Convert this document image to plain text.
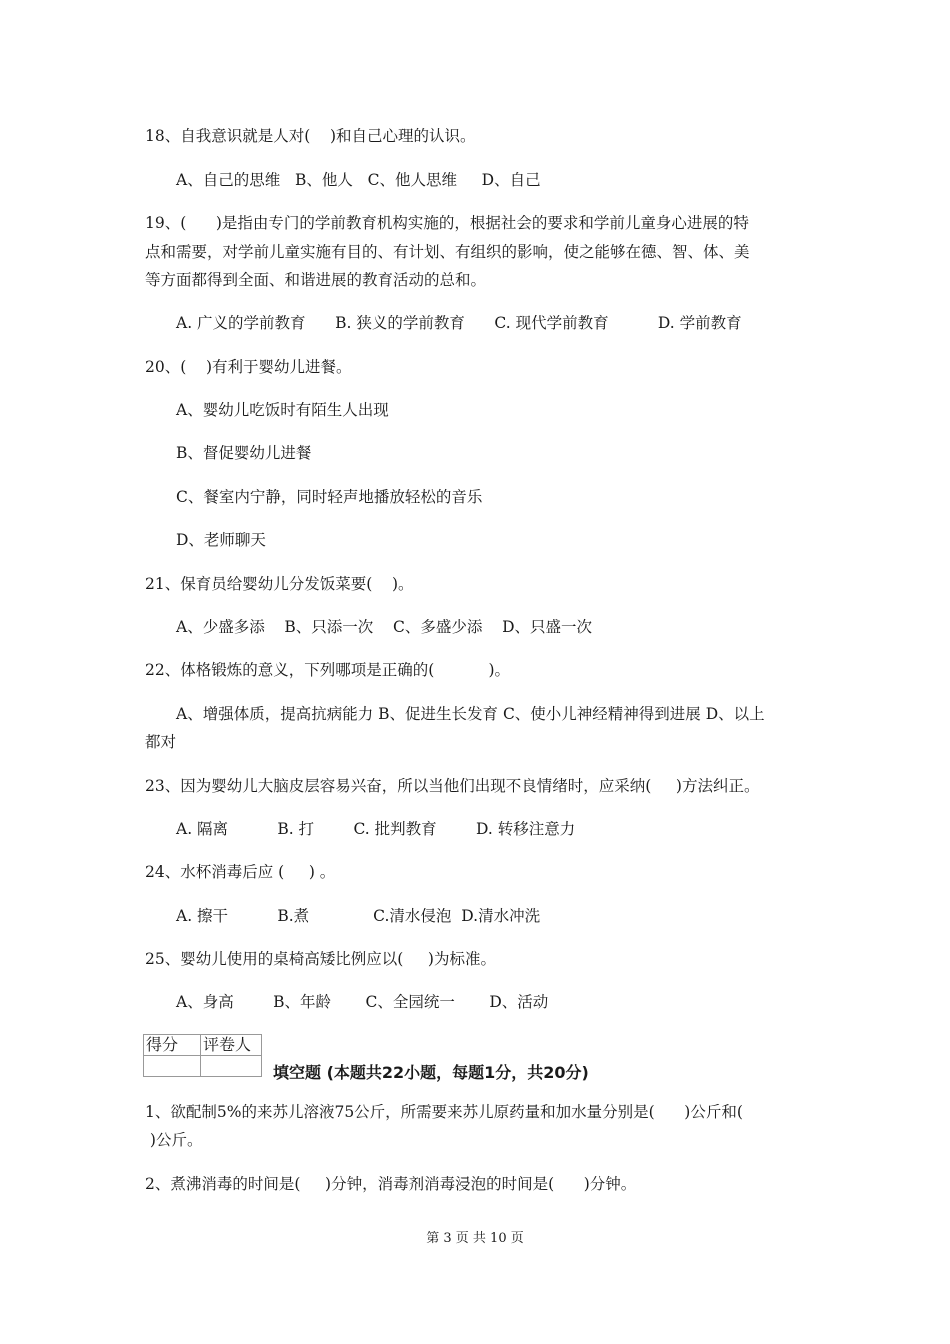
18、自我意识就是人对(    )和自己心理的认识。
A、自己的思维   B、他人   C、他人思维     D、自己
19、(      )是指由专门的学前教育机构实施的，根据社会的要求和学前儿童身心进展的特
点和需要，对学前儿童实施有目的、有计划、有组织的影响，使之能够在德、智、体、美
等方面都得到全面、和谐进展的教育活动的总和。
A. 广义的学前教育      B. 狭义的学前教育      C. 现代学前教育          D. 学前教育
20、(    )有利于婴幼儿进餐。
A、婴幼儿吃饭时有陌生人出现
B、督促婴幼儿进餐
C、餐室内宁静，同时轻声地播放轻松的音乐
D、老师聊天
21、保育员给婴幼儿分发饭菜要(    )。
A、少盛多添    B、只添一次    C、多盛少添    D、只盛一次
22、体格锻炼的意义，下列哪项是正确的(           )。
A、增强体质，提高抗病能力 B、促进生长发育 C、使小儿神经精神得到进展 D、以上
都对
23、因为婴幼儿大脑皮层容易兴奋，所以当他们出现不良情绪时，应采纳(     )方法纠正。
A. 隔离          B. 打        C. 批判教育        D. 转移注意力
24、水杯消毒后应 (     ) 。
A. 擦干          B.煮             C.清水侵泡  D.清水冲洗
25、婴幼儿使用的桌椅高矮比例应以(     )为标准。
A、身高        B、年龄       C、全园统一       D、活动
得分	评卷人

填空题 (本题共22小题，每题1分，共20分)
1、欲配制5%的来苏儿溶液75公斤，所需要来苏儿原药量和加水量分别是(      )公斤和(
)公斤。
2、煮沸消毒的时间是(     )分钟，消毒剂消毒浸泡的时间是(      )分钟。
第 3 页 共 10 页
